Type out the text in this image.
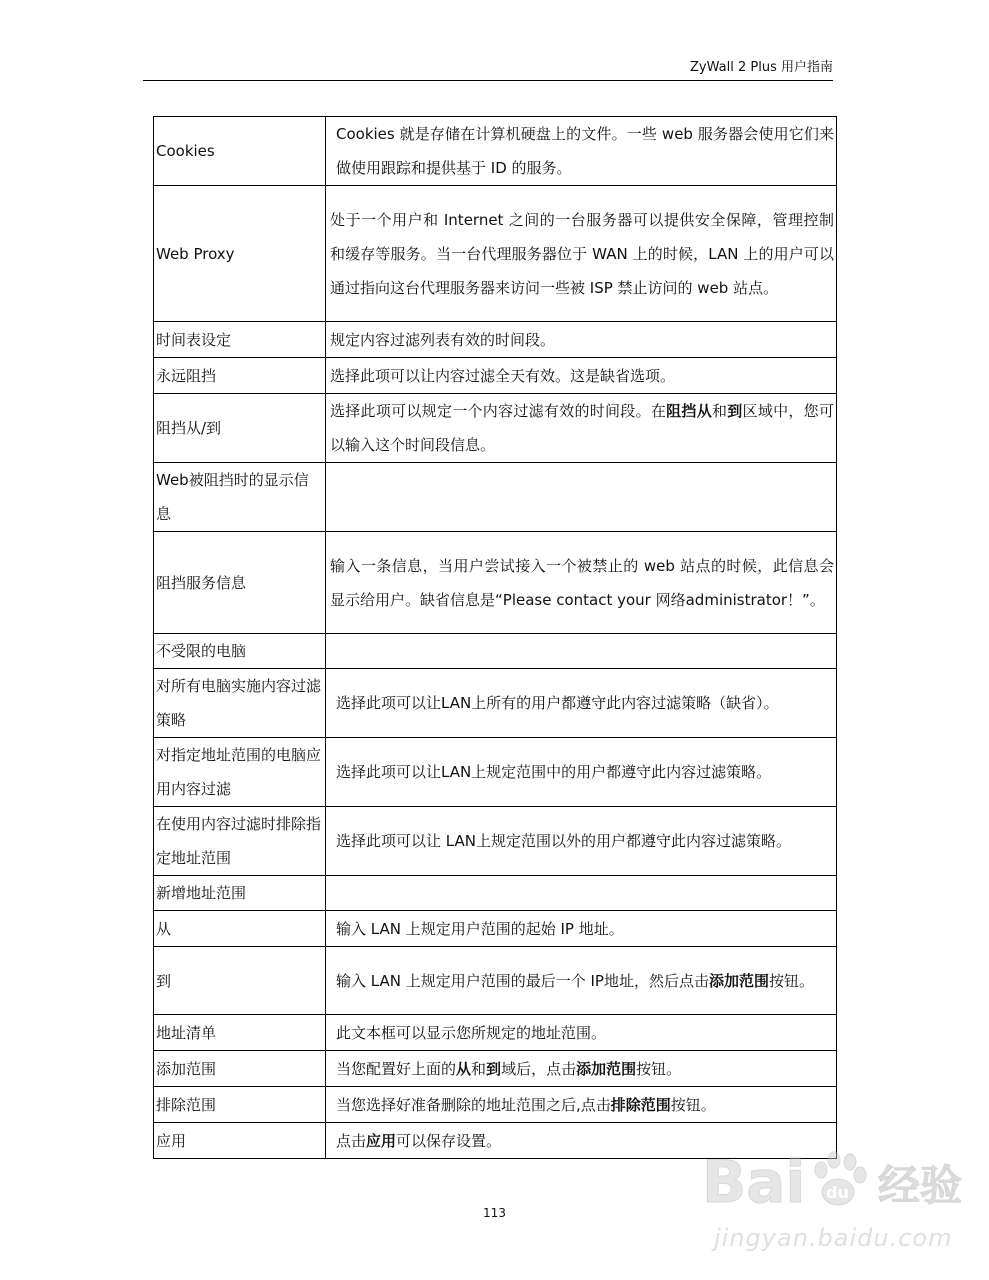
ZyWall 2 Plus 用户指南
Cookies	Cookies 就是存储在计算机硬盘上的文件。一些 web 服务器会使用它们来做使用跟踪和提供基于 ID 的服务。
Web Proxy	处于一个用户和 Internet 之间的一台服务器可以提供安全保障，管理控制和缓存等服务。当一台代理服务器位于 WAN 上的时候，LAN 上的用户可以通过指向这台代理服务器来访问一些被 ISP 禁止访问的 web 站点。
时间表设定	规定内容过滤列表有效的时间段。
永远阻挡	选择此项可以让内容过滤全天有效。这是缺省选项。
阻挡从/到	选择此项可以规定一个内容过滤有效的时间段。在阻挡从和到区域中，您可以输入这个时间段信息。
Web被阻挡时的显示信息	
阻挡服务信息	输入一条信息，当用户尝试接入一个被禁止的 web 站点的时候，此信息会显示给用户。缺省信息是“Please contact your 网络administrator！”。
不受限的电脑	
对所有电脑实施内容过滤策略	选择此项可以让LAN上所有的用户都遵守此内容过滤策略（缺省）。
对指定地址范围的电脑应用内容过滤	选择此项可以让LAN上规定范围中的用户都遵守此内容过滤策略。
在使用内容过滤时排除指定地址范围	选择此项可以让 LAN上规定范围以外的用户都遵守此内容过滤策略。
新增地址范围	
从	输入 LAN 上规定用户范围的起始 IP 地址。
到	输入 LAN 上规定用户范围的最后一个 IP地址，然后点击添加范围按钮。
地址清单	此文本框可以显示您所规定的地址范围。
添加范围	当您配置好上面的从和到域后，点击添加范围按钮。
排除范围	当您选择好准备删除的地址范围之后,点击排除范围按钮。
应用	点击应用可以保存设置。
113	Bai du 经验
jingyan.baidu.com
